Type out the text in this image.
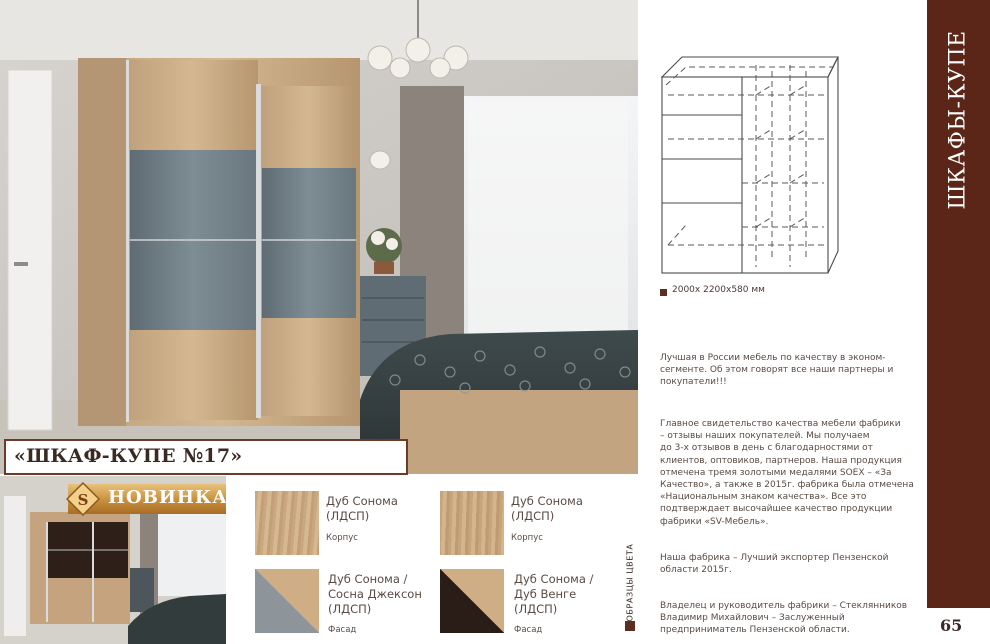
«ШКАФ-КУПЕ №17»
НОВИНКА
S	Дуб Сонома
(ЛДСП)
Корпус
Дуб Сонома
(ЛДСП)
Корпус
Дуб Сонома /
Сосна Джексон
(ЛДСП)
Фасад
Дуб Сонома /
Дуб Венге
(ЛДСП)
Фасад
ОБРАЗЦЫ ЦВЕТА
2000x 2200x580 мм
Лучшая в России мебель по качеству в эконом-
сегменте. Об этом говорят все наши партнеры и
покупатели!!!
Главное свидетельство качества мебели фабрики
– отзывы наших покупателей. Мы получаем
до 3-х отзывов в день с благодарностями от
клиентов, оптовиков, партнеров. Наша продукция
отмечена тремя золотыми медалями SOEX – «За
Качество», а также в 2015г. фабрика была отмечена
«Национальным знаком качества». Все это
подтверждает высочайшее качество продукции
фабрики «SV-Мебель».
Наша фабрика – Лучший экспортер Пензенской
области 2015г.
Владелец и руководитель фабрики – Стеклянников
Владимир Михайлович – Заслуженный
предприниматель Пензенской области.
ШКАФЫ-КУПЕ
65
